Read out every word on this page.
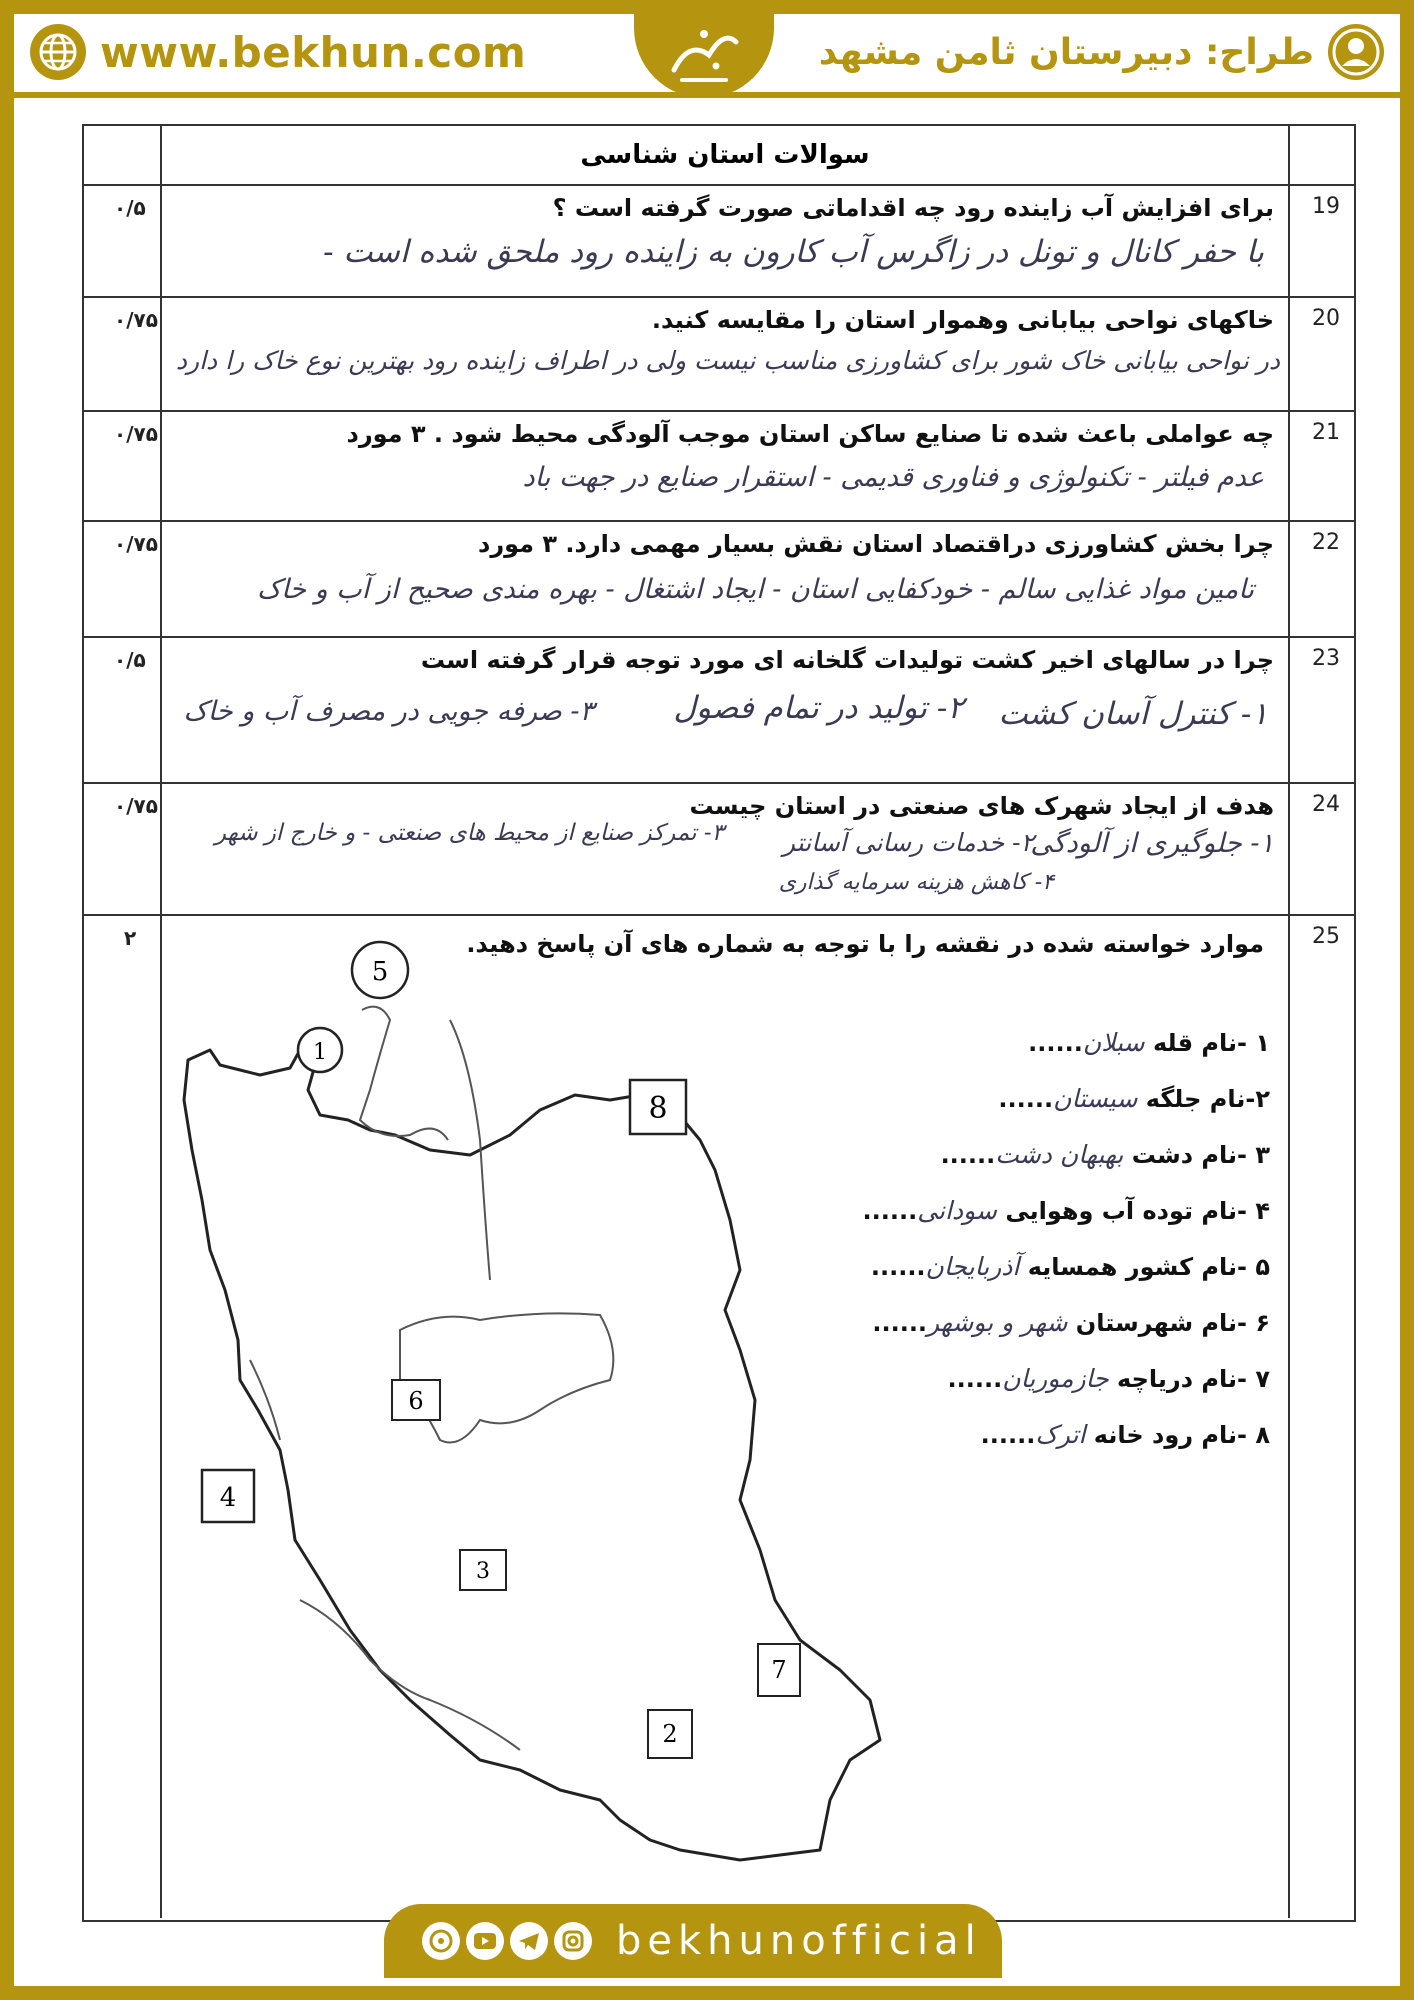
www.bekhun.com	طراح: دبیرستان ثامن مشهد
سوالات استان شناسی
19
۰/۵	برای افزایش آب زاینده رود چه اقداماتی صورت گرفته است ؟
با حفر کانال و تونل در زاگرس آب کارون به زاینده رود ملحق شده است -
20
۰/۷۵	خاکهای نواحی بیابانی وهموار استان را مقایسه کنید.
در نواحی بیابانی خاک شور برای کشاورزی مناسب نیست ولی در اطراف زاینده رود بهترین نوع خاک را دارد
21
۰/۷۵	چه عواملی باعث شده تا صنایع ساکن استان موجب آلودگی محیط شود . ۳ مورد
عدم فیلتر - تکنولوژی و فناوری قدیمی - استقرار صنایع در جهت باد
22
۰/۷۵	چرا بخش کشاورزی دراقتصاد استان نقش بسیار مهمی دارد. ۳ مورد
تامین مواد غذایی سالم - خودکفایی استان - ایجاد اشتغال - بهره مندی صحیح از آب و خاک
23
۰/۵	چرا در سالهای اخیر کشت تولیدات گلخانه ای مورد توجه قرار گرفته است
۱- کنترل آسان کشت
۲- تولید در تمام فصول
۳- صرفه جویی در مصرف آب و خاک
24
۰/۷۵	هدف از ایجاد شهرک های صنعتی در استان چیست
۱- جلوگیری از آلودگی
۲- خدمات رسانی آسانتر
۳- تمرکز صنایع از محیط های صنعتی - و خارج از شهر
۴- کاهش هزینه سرمایه گذاری
25
۲	موارد خواسته شده در نقشه را با توجه به شماره های آن پاسخ دهید.
5
1
8
6
4
3
7
2
۱ -نام قله سبلان......
۲-نام جلگه سیستان......
۳ -نام دشت بهبهان دشت......
۴ -نام توده آب وهوایی سودانی......
۵ -نام کشور همسایه آذربایجان......
۶ -نام شهرستان شهر و بوشهر......
۷ -نام دریاچه جازموریان......
۸ -نام رود خانه اترک......
bekhunofficial
